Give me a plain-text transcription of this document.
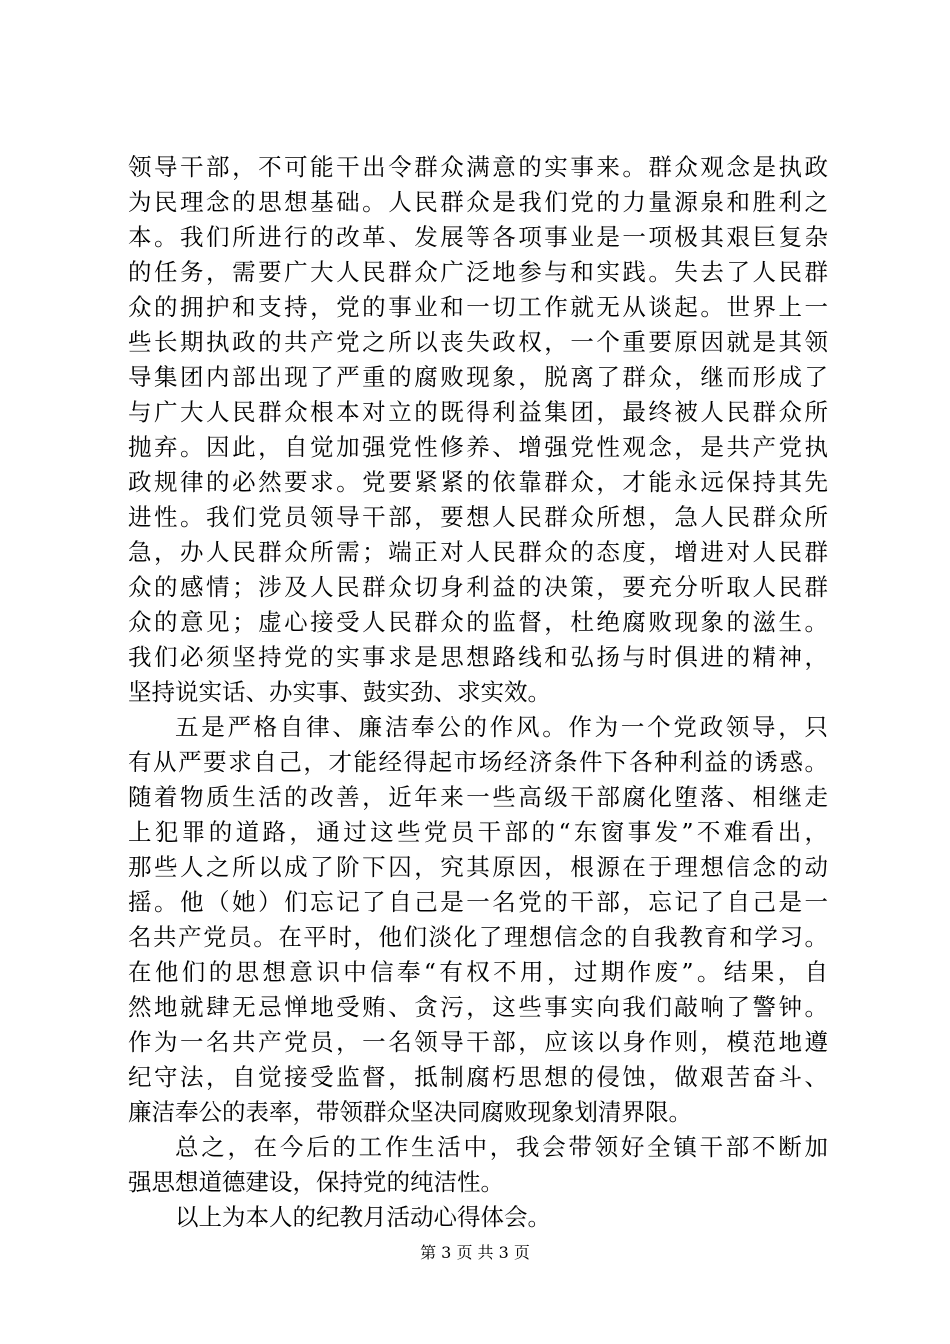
领导干部，不可能干出令群众满意的实事来。群众观念是执政
为民理念的思想基础。人民群众是我们党的力量源泉和胜利之
本。我们所进行的改革、发展等各项事业是一项极其艰巨复杂
的任务，需要广大人民群众广泛地参与和实践。失去了人民群
众的拥护和支持，党的事业和一切工作就无从谈起。世界上一
些长期执政的共产党之所以丧失政权，一个重要原因就是其领
导集团内部出现了严重的腐败现象，脱离了群众，继而形成了
与广大人民群众根本对立的既得利益集团，最终被人民群众所
抛弃。因此，自觉加强党性修养、增强党性观念，是共产党执
政规律的必然要求。党要紧紧的依靠群众，才能永远保持其先
进性。我们党员领导干部，要想人民群众所想，急人民群众所
急，办人民群众所需；端正对人民群众的态度，增进对人民群
众的感情；涉及人民群众切身利益的决策，要充分听取人民群
众的意见；虚心接受人民群众的监督，杜绝腐败现象的滋生。
我们必须坚持党的实事求是思想路线和弘扬与时俱进的精神，
坚持说实话、办实事、鼓实劲、求实效。
五是严格自律、廉洁奉公的作风。作为一个党政领导，只
有从严要求自己，才能经得起市场经济条件下各种利益的诱惑。
随着物质生活的改善，近年来一些高级干部腐化堕落、相继走
上犯罪的道路，通过这些党员干部的“东窗事发”不难看出，
那些人之所以成了阶下囚，究其原因，根源在于理想信念的动
摇。他（她）们忘记了自己是一名党的干部，忘记了自己是一
名共产党员。在平时，他们淡化了理想信念的自我教育和学习。
在他们的思想意识中信奉“有权不用，过期作废”。结果，自
然地就肆无忌惮地受贿、贪污，这些事实向我们敲响了警钟。
作为一名共产党员，一名领导干部，应该以身作则，模范地遵
纪守法，自觉接受监督，抵制腐朽思想的侵蚀，做艰苦奋斗、
廉洁奉公的表率，带领群众坚决同腐败现象划清界限。
总之，在今后的工作生活中，我会带领好全镇干部不断加
强思想道德建设，保持党的纯洁性。
以上为本人的纪教月活动心得体会。
第 3 页 共 3 页
